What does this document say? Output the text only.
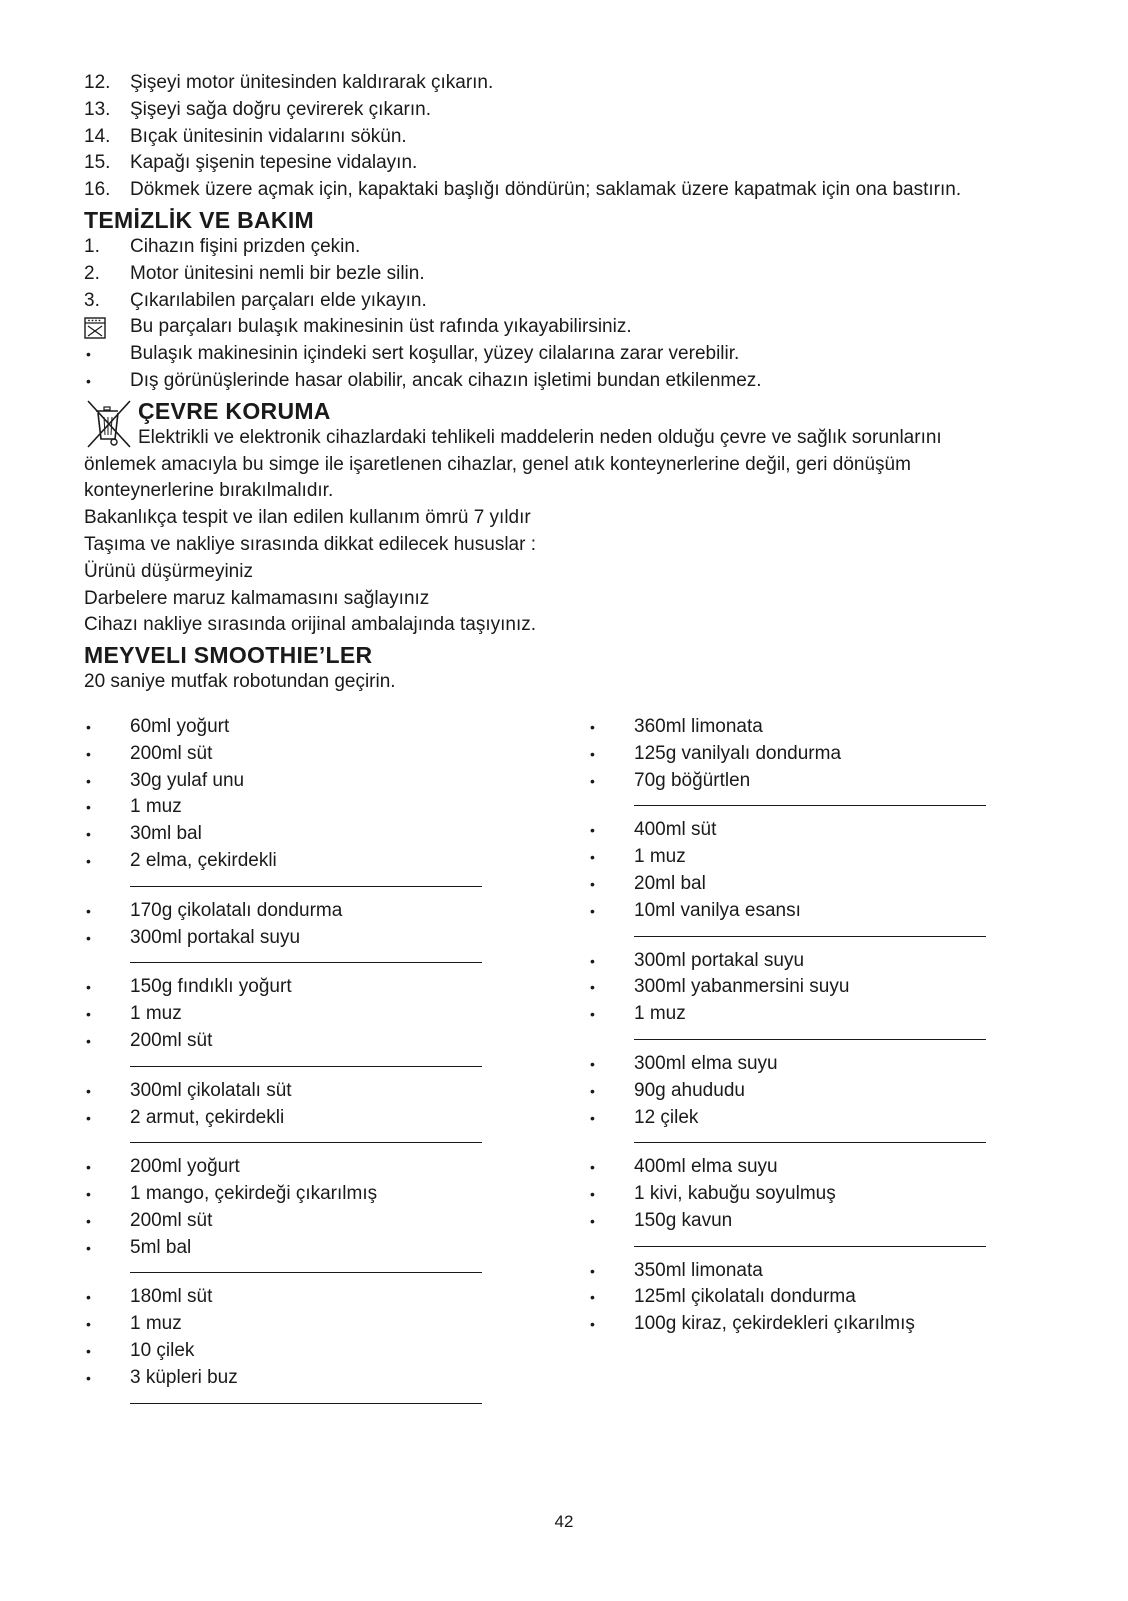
12.	Şişeyi motor ünitesinden kaldırarak çıkarın.
13.	Şişeyi sağa doğru çevirerek çıkarın.
14.	Bıçak ünitesinin vidalarını sökün.
15.	Kapağı şişenin tepesine vidalayın.
16.	Dökmek üzere açmak için, kapaktaki başlığı döndürün; saklamak üzere kapatmak için ona bastırın.
TEMİZLİK VE BAKIM
1.	Cihazın fişini prizden çekin.
2.	Motor ünitesini nemli bir bezle silin.
3.	Çıkarılabilen parçaları elde yıkayın.
Bu parçaları bulaşık makinesinin üst rafında yıkayabilirsiniz.
•	Bulaşık makinesinin içindeki sert koşullar, yüzey cilalarına zarar verebilir.
•	Dış görünüşlerinde hasar olabilir, ancak cihazın işletimi bundan etkilenmez.
ÇEVRE KORUMA
Elektrikli ve elektronik cihazlardaki tehlikeli maddelerin neden olduğu çevre ve sağlık sorunlarını
önlemek amacıyla bu simge ile işaretlenen cihazlar, genel atık konteynerlerine değil, geri dönüşüm
konteynerlerine bırakılmalıdır.
Bakanlıkça tespit ve ilan edilen kullanım ömrü 7 yıldır
Taşıma ve nakliye sırasında dikkat edilecek hususlar :
Ürünü düşürmeyiniz
Darbelere maruz kalmamasını sağlayınız
Cihazı nakliye sırasında orijinal ambalajında taşıyınız.
MEYVELI SMOOTHIE’LER
20 saniye mutfak robotundan geçirin.
•	60ml yoğurt
•	200ml süt
•	30g yulaf unu
•	1 muz
•	30ml bal
•	2 elma, çekirdekli
•	170g çikolatalı dondurma
•	300ml portakal suyu
•	150g fındıklı yoğurt
•	1 muz
•	200ml süt
•	300ml çikolatalı süt
•	2 armut, çekirdekli
•	200ml yoğurt
•	1 mango, çekirdeği çıkarılmış
•	200ml süt
•	5ml bal
•	180ml süt
•	1 muz
•	10 çilek
•	3 küpleri buz
•	360ml limonata
•	125g vanilyalı dondurma
•	70g böğürtlen
•	400ml süt
•	1 muz
•	20ml bal
•	10ml vanilya esansı
•	300ml portakal suyu
•	300ml yabanmersini suyu
•	1 muz
•	300ml elma suyu
•	90g ahududu
•	12 çilek
•	400ml elma suyu
•	1 kivi, kabuğu soyulmuş
•	150g kavun
•	350ml limonata
•	125ml çikolatalı dondurma
•	100g kiraz, çekirdekleri çıkarılmış
42
